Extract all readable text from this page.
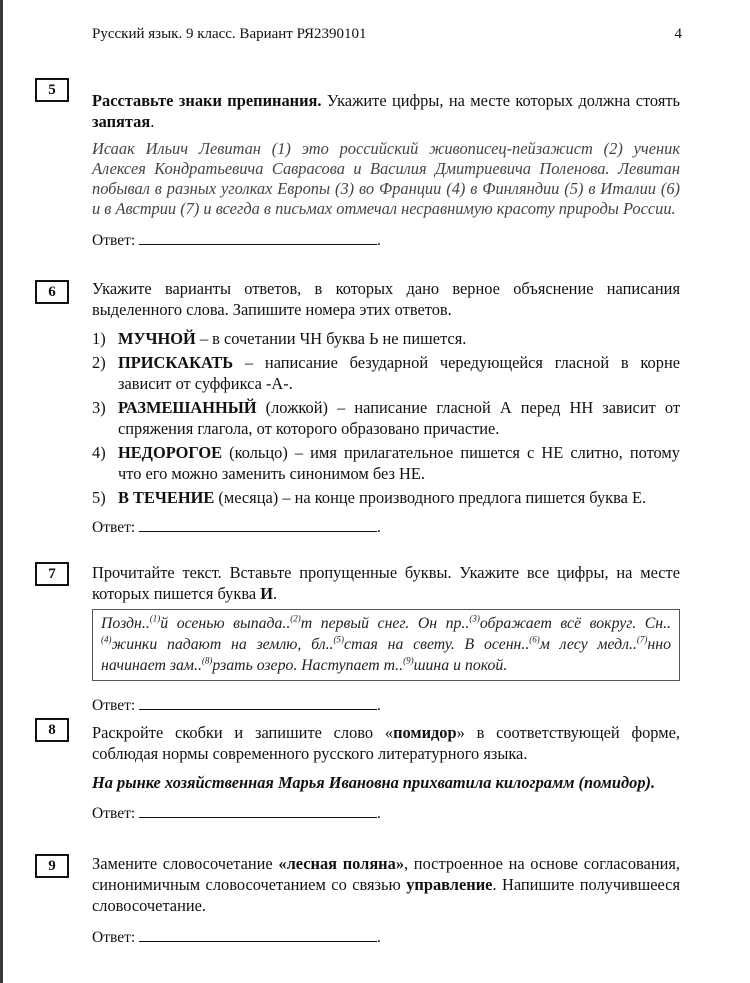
Русский язык. 9 класс. Вариант РЯ2390101	4
5

Расставьте знаки препинания. Укажите цифры, на месте которых должна стоять запятая.

Исаак Ильич Левитан (1) это российский живописец-пейзажист (2) ученик Алексея Кондратьевича Саврасова и Василия Дмитриевича Поленова. Левитан побывал в разных уголках Европы (3) во Франции (4) в Финляндии (5) в Италии (6) и в Австрии (7) и всегда в письмах отмечал несравнимую красоту природы России.

Ответ:	.
6	Укажите варианты ответов, в которых дано верное объяснение написания выделенного слова. Запишите номера этих ответов.

1) МУЧНОЙ – в сочетании ЧН буква Ь не пишется.
2) ПРИСКАКАТЬ – написание безударной чередующейся гласной в корне зависит от суффикса -А-.
3) РАЗМЕШАННЫЙ (ложкой) – написание гласной А перед НН зависит от спряжения глагола, от которого образовано причастие.
4) НЕДОРОГОЕ (кольцо) – имя прилагательное пишется с НЕ слитно, потому что его можно заменить синонимом без НЕ.
5) В ТЕЧЕНИЕ (месяца) – на конце производного предлога пишется буква Е.
Ответ:	.
7	Прочитайте текст. Вставьте пропущенные буквы. Укажите все цифры, на месте которых пишется буква И.

Поздн..$^{(1)}$й осенью выпада..$^{(2)}$т первый снег. Он пр..$^{(3)}$ображает всё вокруг. Сн..$^{(4)}$жинки падают на землю, бл..$^{(5)}$стая на свету. В осенн..$^{(6)}$м лесу медл..$^{(7)}$нно начинает зам..$^{(8)}$рзать озеро. Наступает т..$^{(9)}$шина и покой.
Ответ:	.
8	Раскройте скобки и запишите слово «помидор» в соответствующей форме, соблюдая нормы современного русского литературного языка.

На рынке хозяйственная Марья Ивановна прихватила килограмм (помидор).

Ответ:	.
9	Замените словосочетание «лесная поляна», построенное на основе согласования, синонимичным словосочетанием со связью управление. Напишите получившееся словосочетание.

Ответ:	.
